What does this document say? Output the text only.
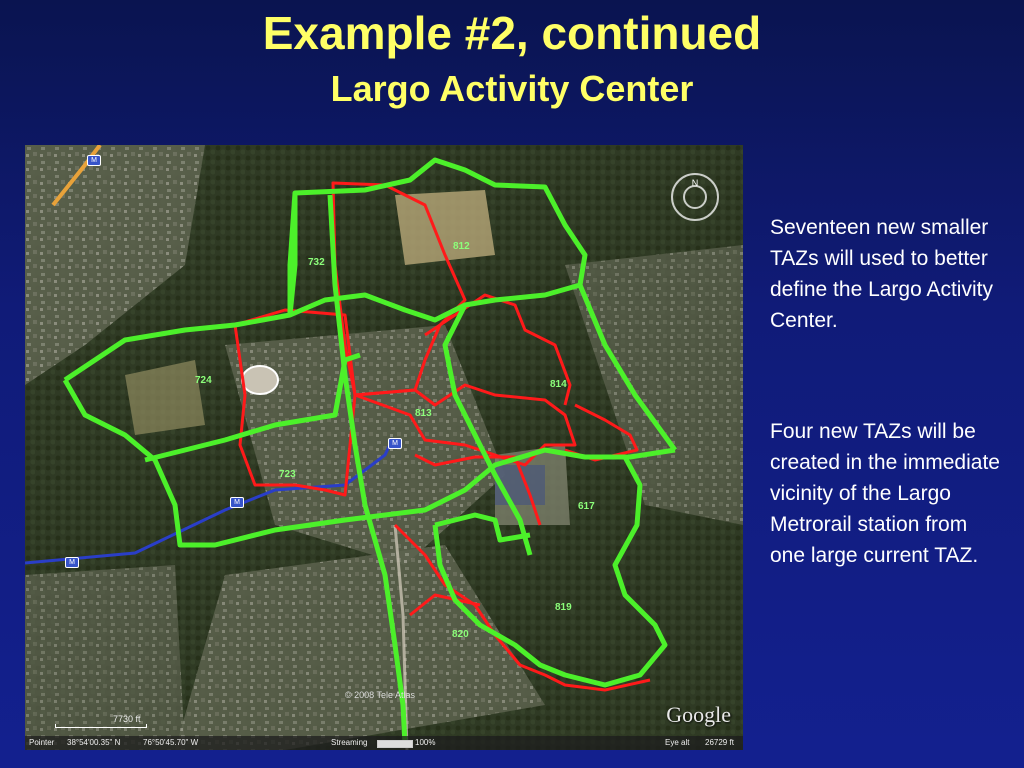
Example #2, continued
Largo Activity Center
732
812
724
813
814
723
617
819
820
M
M
M
M
N
© 2008 Tele Atlas
Google
7730 ft
Pointer 38°54'00.35" N	76°50'45.70" W	Streaming	100%	Eye alt 26729 ft

Seventeen new smaller TAZs will used to better define the Largo Activity Center.

Four new TAZs will be created in the immediate vicinity of the Largo Metrorail station from one large current TAZ.
